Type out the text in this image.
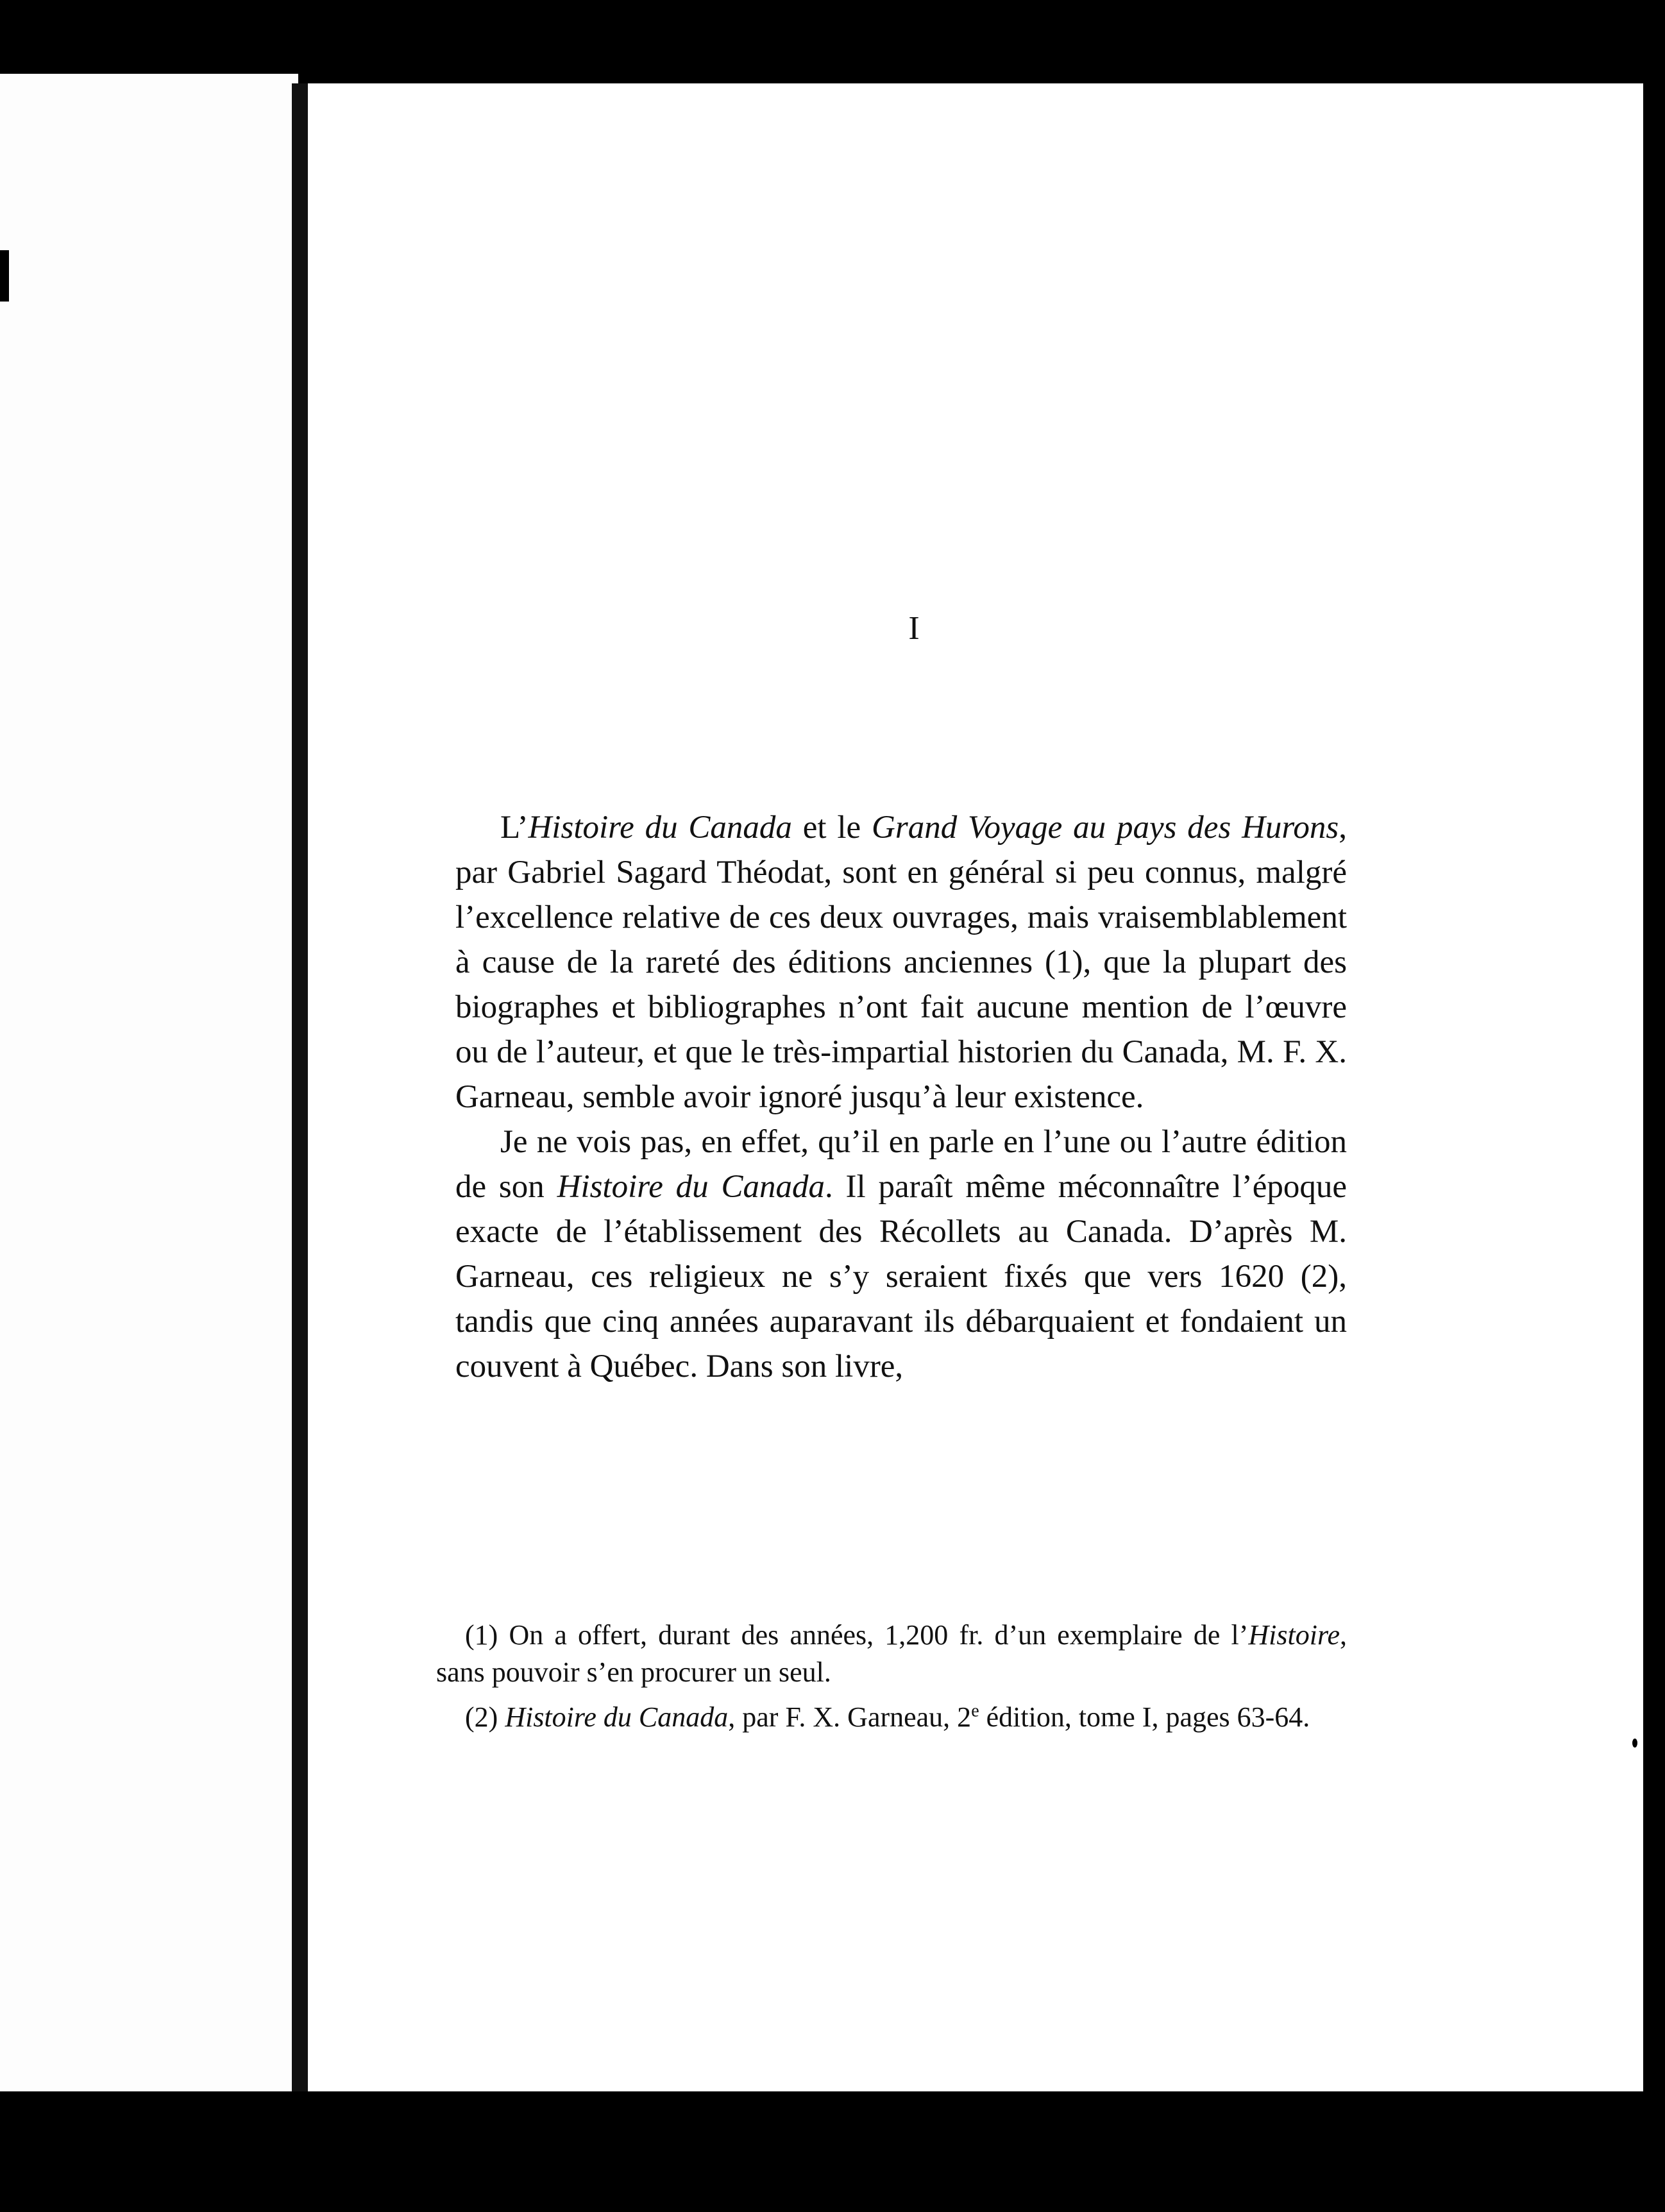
I

L’Histoire du Canada et le Grand Voyage au pays des Hurons, par Gabriel Sagard Théodat, sont en général si peu connus, malgré l’excellence relative de ces deux ouvrages, mais vraisemblablement à cause de la rareté des éditions anciennes (1), que la plupart des biographes et bibliographes n’ont fait aucune mention de l’œuvre ou de l’auteur, et que le très-impartial historien du Canada, M. F. X. Garneau, semble avoir ignoré jusqu’à leur existence.

Je ne vois pas, en effet, qu’il en parle en l’une ou l’autre édition de son Histoire du Canada. Il paraît même méconnaître l’époque exacte de l’établissement des Récollets au Canada. D’après M. Garneau, ces religieux ne s’y seraient fixés que vers 1620 (2), tandis que cinq années auparavant ils débarquaient et fondaient un couvent à Québec. Dans son livre,

(1) On a offert, durant des années, 1,200 fr. d’un exemplaire de l’Histoire, sans pouvoir s’en procurer un seul.

(2) Histoire du Canada, par F. X. Garneau, 2e édition, tome I, pages 63-64.
